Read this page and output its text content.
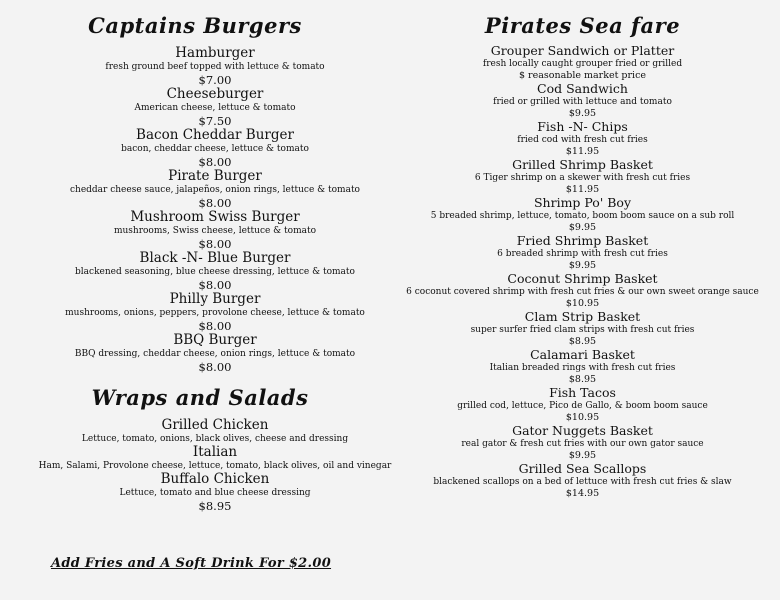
Captains Burgers
Hamburger
fresh ground beef topped with lettuce & tomato
$7.00
Cheeseburger
American cheese, lettuce & tomato
$7.50
Bacon Cheddar Burger
bacon, cheddar cheese, lettuce & tomato
$8.00
Pirate Burger
cheddar cheese sauce, jalapeños, onion rings, lettuce & tomato
$8.00
Mushroom Swiss Burger
mushrooms, Swiss cheese, lettuce & tomato
$8.00
Black -N- Blue Burger
blackened seasoning, blue cheese dressing, lettuce & tomato
$8.00
Philly Burger
mushrooms, onions, peppers, provolone cheese, lettuce & tomato
$8.00
BBQ Burger
BBQ dressing, cheddar cheese, onion rings, lettuce & tomato
$8.00
Wraps and Salads
Grilled Chicken
Lettuce, tomato, onions, black olives, cheese and dressing
Italian
Ham, Salami, Provolone cheese, lettuce, tomato, black olives, oil and vinegar
Buffalo Chicken
Lettuce, tomato and blue cheese dressing
$8.95
Add Fries and A Soft Drink For $2.00
Pirates Sea fare
Grouper Sandwich or Platter
fresh locally caught grouper fried or grilled
$ reasonable market price
Cod Sandwich
fried or grilled with lettuce and tomato
$9.95
Fish -N- Chips
fried cod with fresh cut fries
$11.95
Grilled Shrimp Basket
6 Tiger shrimp on a skewer with fresh cut fries
$11.95
Shrimp Po' Boy
5 breaded shrimp, lettuce, tomato, boom boom sauce on a sub roll
$9.95
Fried Shrimp Basket
6 breaded shrimp with fresh cut fries
$9.95
Coconut Shrimp Basket
6 coconut covered shrimp with fresh cut fries & our own sweet orange sauce
$10.95
Clam Strip Basket
super surfer fried clam strips with fresh cut fries
$8.95
Calamari Basket
Italian breaded rings with fresh cut fries
$8.95
Fish Tacos
grilled cod, lettuce, Pico de Gallo, & boom boom sauce
$10.95
Gator Nuggets Basket
real gator & fresh cut fries with our own gator sauce
$9.95
Grilled Sea Scallops
blackened scallops on a bed of lettuce with fresh cut fries & slaw
$14.95
